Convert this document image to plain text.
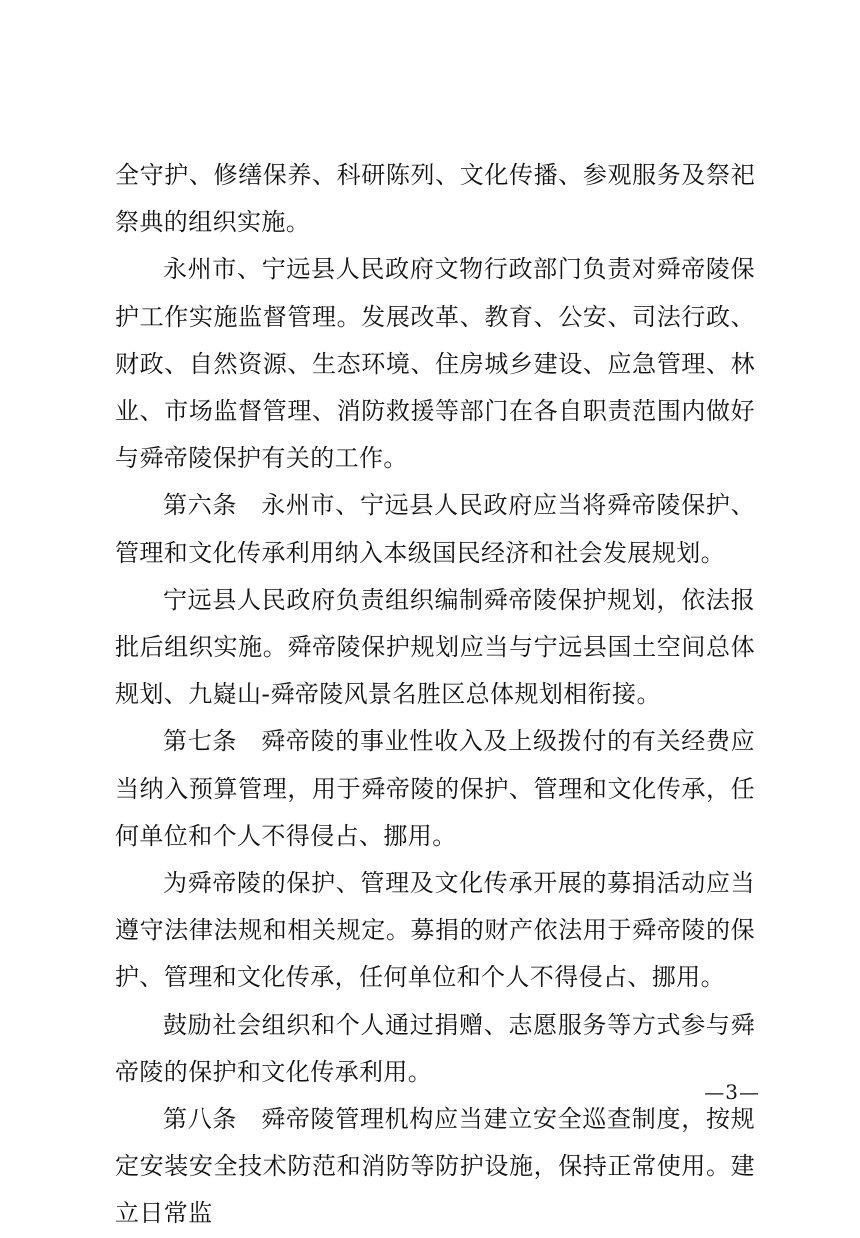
全守护、修缮保养、科研陈列、文化传播、参观服务及祭祀祭典的组织实施。

永州市、宁远县人民政府文物行政部门负责对舜帝陵保护工作实施监督管理。发展改革、教育、公安、司法行政、财政、自然资源、生态环境、住房城乡建设、应急管理、林业、市场监督管理、消防救援等部门在各自职责范围内做好与舜帝陵保护有关的工作。

第六条 永州市、宁远县人民政府应当将舜帝陵保护、管理和文化传承利用纳入本级国民经济和社会发展规划。

宁远县人民政府负责组织编制舜帝陵保护规划，依法报批后组织实施。舜帝陵保护规划应当与宁远县国土空间总体规划、九嶷山-舜帝陵风景名胜区总体规划相衔接。

第七条 舜帝陵的事业性收入及上级拨付的有关经费应当纳入预算管理，用于舜帝陵的保护、管理和文化传承，任何单位和个人不得侵占、挪用。

为舜帝陵的保护、管理及文化传承开展的募捐活动应当遵守法律法规和相关规定。募捐的财产依法用于舜帝陵的保护、管理和文化传承，任何单位和个人不得侵占、挪用。

鼓励社会组织和个人通过捐赠、志愿服务等方式参与舜帝陵的保护和文化传承利用。

第八条 舜帝陵管理机构应当建立安全巡查制度，按规定安装安全技术防范和消防等防护设施，保持正常使用。建立日常监

—3—
